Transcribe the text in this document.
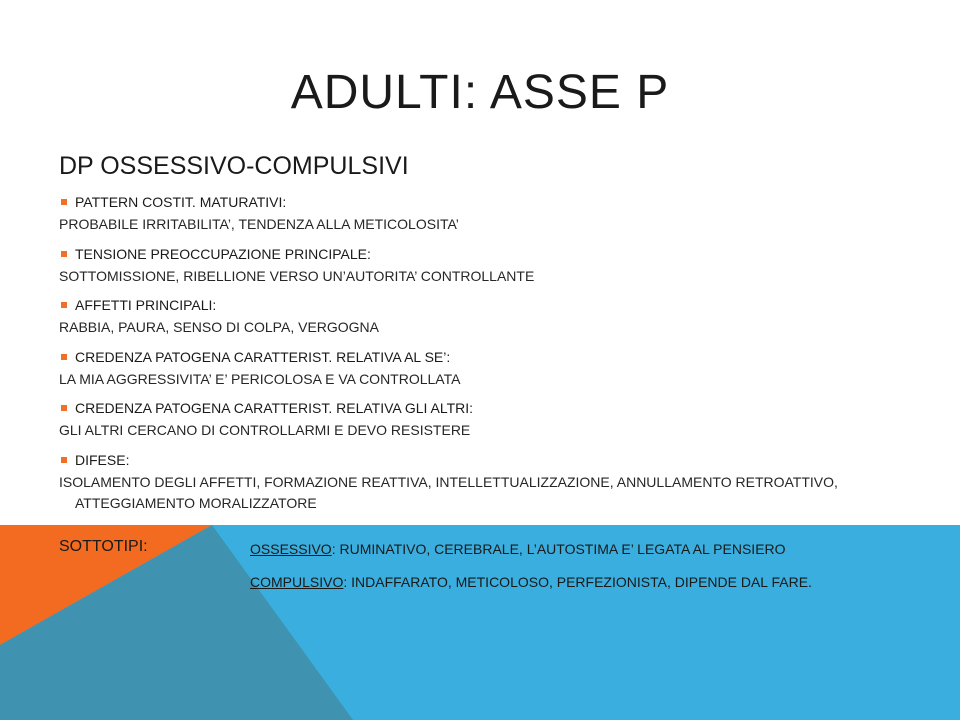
ADULTI: ASSE P
DP OSSESSIVO-COMPULSIVI
PATTERN COSTIT. MATURATIVI:
PROBABILE IRRITABILITA’, TENDENZA ALLA METICOLOSITA’
TENSIONE PREOCCUPAZIONE PRINCIPALE:
SOTTOMISSIONE, RIBELLIONE VERSO UN’AUTORITA’ CONTROLLANTE
AFFETTI PRINCIPALI:
RABBIA, PAURA, SENSO DI COLPA, VERGOGNA
CREDENZA PATOGENA CARATTERIST. RELATIVA AL SE’:
LA MIA AGGRESSIVITA’ E’ PERICOLOSA E VA CONTROLLATA
CREDENZA PATOGENA CARATTERIST. RELATIVA GLI ALTRI:
GLI ALTRI CERCANO DI CONTROLLARMI E DEVO RESISTERE
DIFESE:
ISOLAMENTO DEGLI AFFETTI, FORMAZIONE REATTIVA, INTELLETTUALIZZAZIONE, ANNULLAMENTO RETROATTIVO, ATTEGGIAMENTO MORALIZZATORE
SOTTOTIPI:	OSSESSIVO: RUMINATIVO, CEREBRALE, L’AUTOSTIMA E’ LEGATA AL PENSIERO
COMPULSIVO: INDAFFARATO, METICOLOSO, PERFEZIONISTA, DIPENDE DAL FARE.
